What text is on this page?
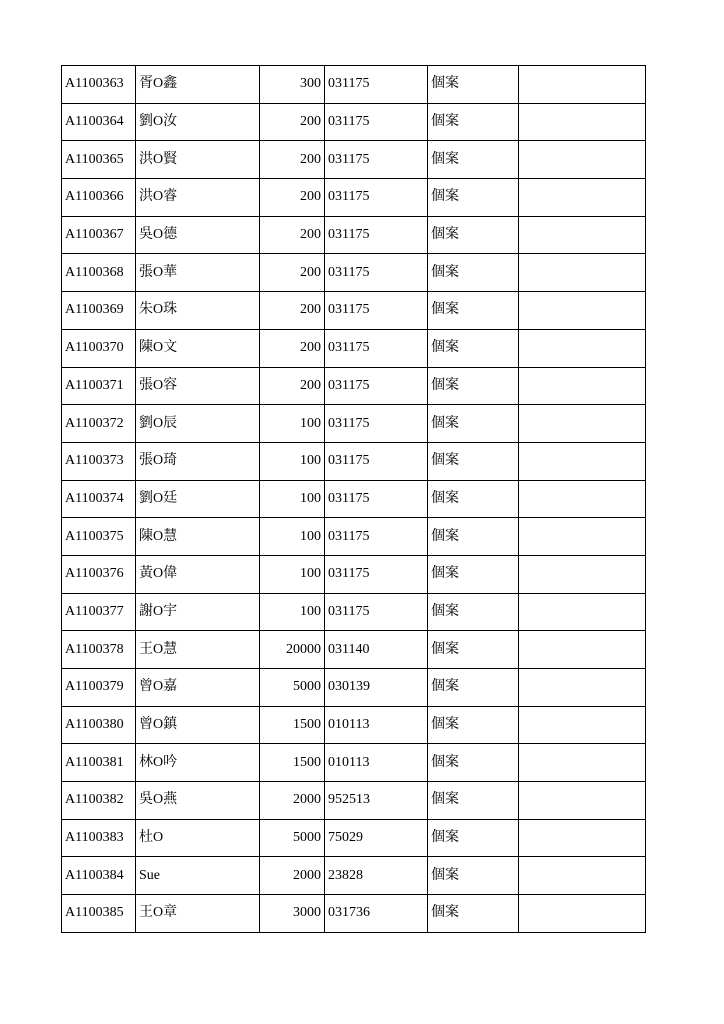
A1100363	胥O鑫	300	031175	個案	
A1100364	劉O汝	200	031175	個案	
A1100365	洪O賢	200	031175	個案	
A1100366	洪O睿	200	031175	個案	
A1100367	吳O德	200	031175	個案	
A1100368	張O華	200	031175	個案	
A1100369	朱O珠	200	031175	個案	
A1100370	陳O文	200	031175	個案	
A1100371	張O容	200	031175	個案	
A1100372	劉O辰	100	031175	個案	
A1100373	張O琦	100	031175	個案	
A1100374	劉O廷	100	031175	個案	
A1100375	陳O慧	100	031175	個案	
A1100376	黃O偉	100	031175	個案	
A1100377	謝O宇	100	031175	個案	
A1100378	王O慧	20000	031140	個案	
A1100379	曾O嘉	5000	030139	個案	
A1100380	曾O鎮	1500	010113	個案	
A1100381	林O吟	1500	010113	個案	
A1100382	吳O燕	2000	952513	個案	
A1100383	杜O	5000	75029	個案	
A1100384	Sue	2000	23828	個案	
A1100385	王O章	3000	031736	個案	
